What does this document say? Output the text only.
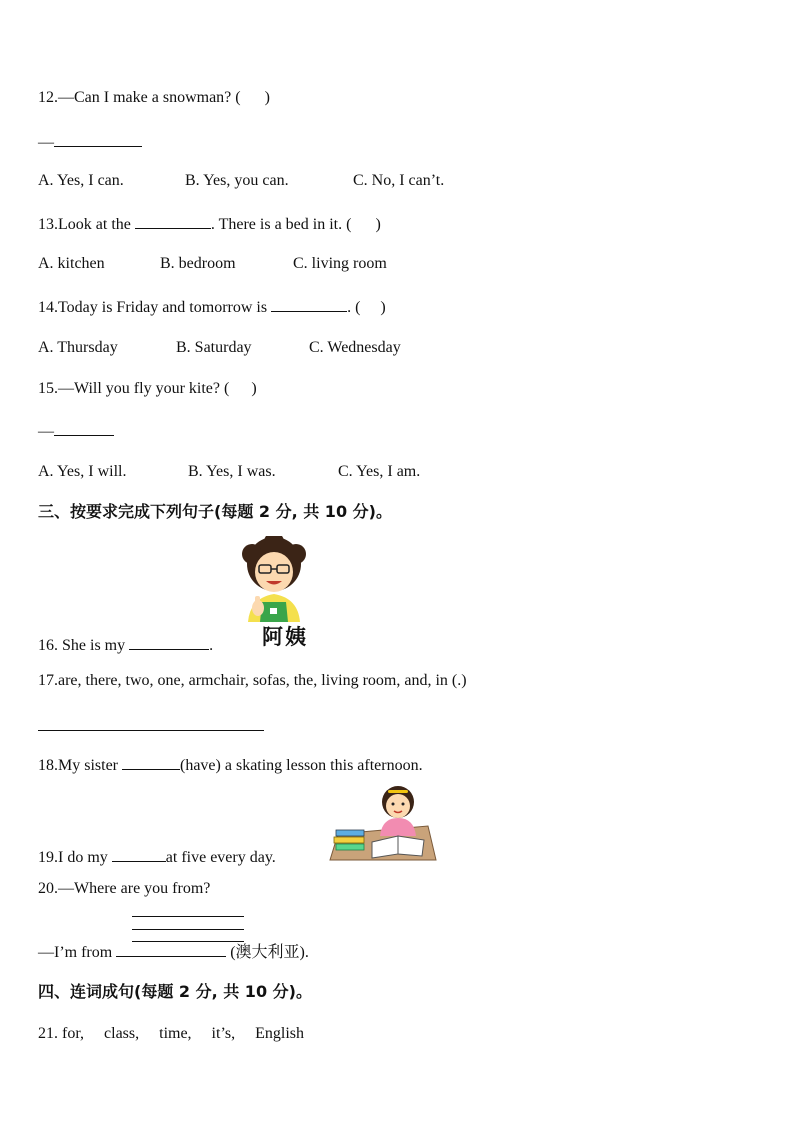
12.—Can I make a snowman? ( )
—
A. Yes, I can.	B. Yes, you can.	C. No, I can’t.
13.Look at the	. There is a bed in it. ( )
A. kitchen	B. bedroom	C. living room
14.Today is Friday and tomorrow is	. ( )
A. Thursday	B. Saturday	C. Wednesday
15.—Will you fly your kite? ( )
—
A. Yes, I will.	B. Yes, I was.	C. Yes, I am.
三、按要求完成下列句子(每题 2 分, 共 10 分)。
阿姨
16. She is my	.
17.are, there, two, one, armchair, sofas, the, living room, and, in (.)
18.My sister	(have) a skating lesson this afternoon.
19.I do my	at five every day.
20.—Where are you from?
—I’m from	(澳大利亚).
四、连词成句(每题 2 分, 共 10 分)。
21. for,     class,     time,     it’s,     English
